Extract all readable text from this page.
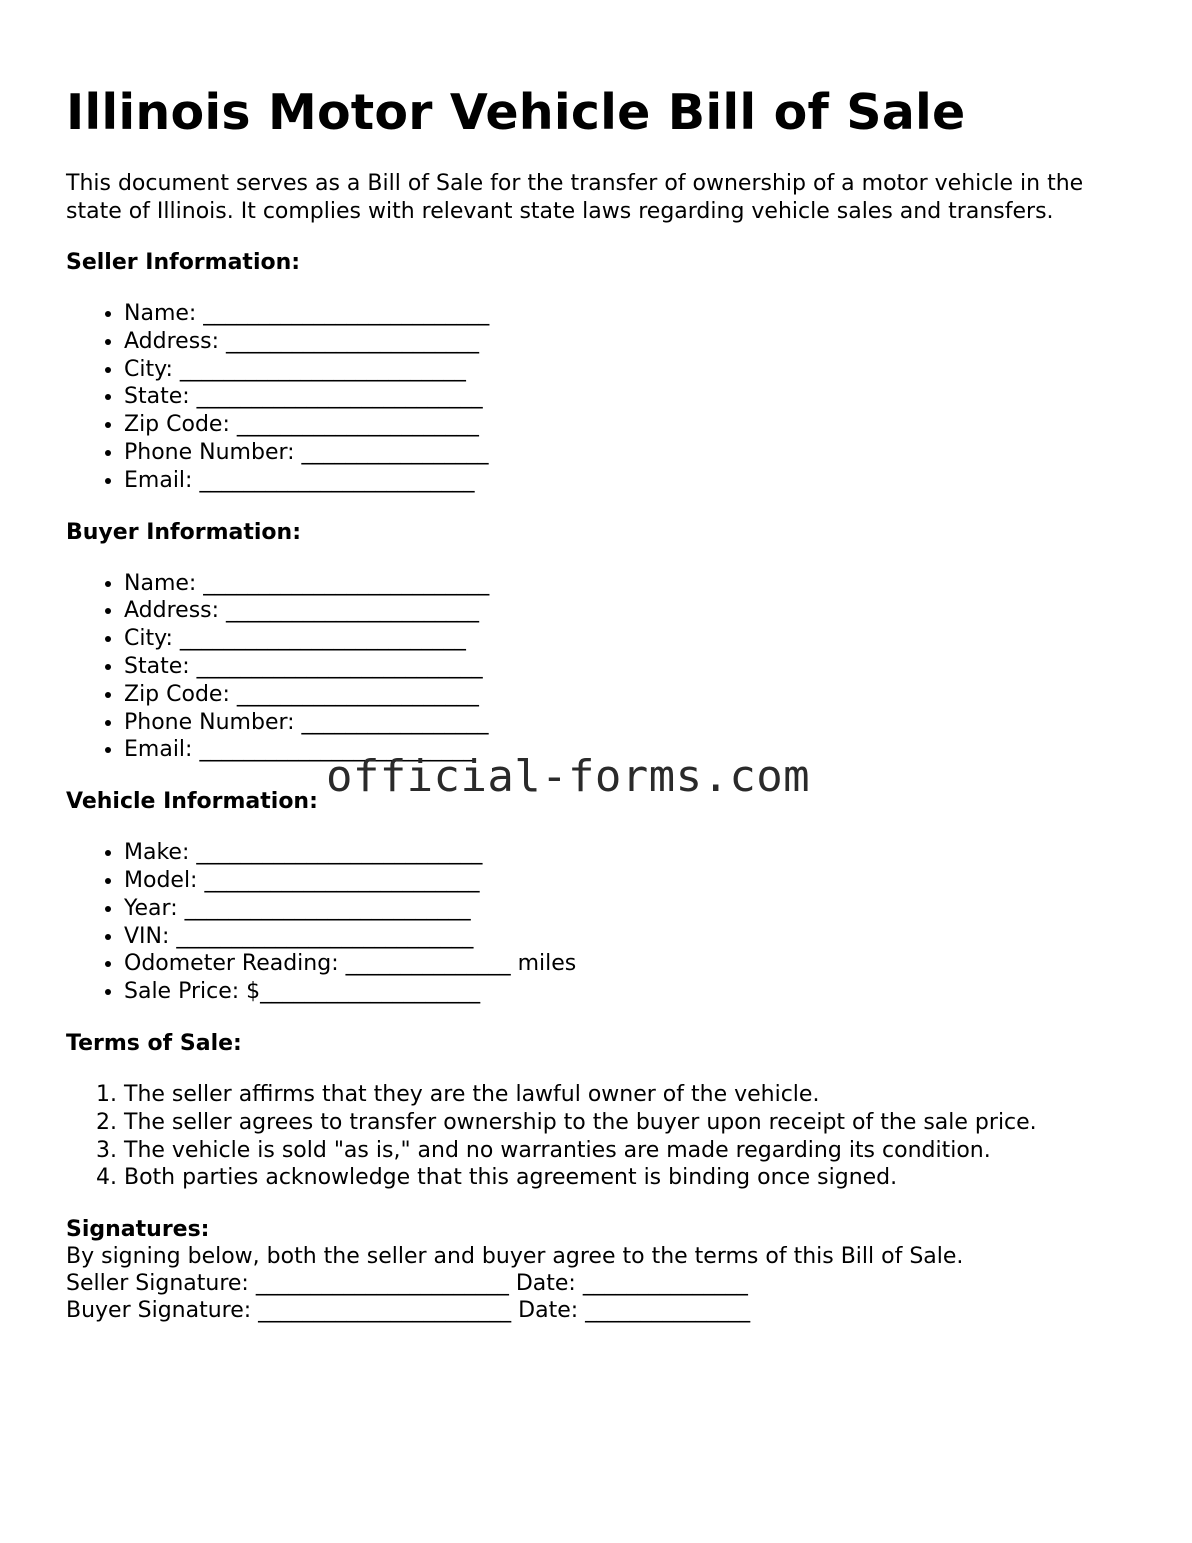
Illinois Motor Vehicle Bill of Sale

This document serves as a Bill of Sale for the transfer of ownership of a motor vehicle in the state of Illinois. It complies with relevant state laws regarding vehicle sales and transfers.

Seller Information:
• Name: __________________________
• Address: _______________________
• City: __________________________
• State: __________________________
• Zip Code: ______________________
• Phone Number: _________________
• Email: _________________________
Buyer Information:
• Name: __________________________
• Address: _______________________
• City: __________________________
• State: __________________________
• Zip Code: ______________________
• Phone Number: _________________
• Email: _________________________
Vehicle Information:
• Make: __________________________
• Model: _________________________
• Year: __________________________
• VIN: ___________________________
• Odometer Reading: _______________ miles
• Sale Price: $____________________
Terms of Sale:
1. The seller affirms that they are the lawful owner of the vehicle.
2. The seller agrees to transfer ownership to the buyer upon receipt of the sale price.
3. The vehicle is sold "as is," and no warranties are made regarding its condition.
4. Both parties acknowledge that this agreement is binding once signed.
Signatures:

By signing below, both the seller and buyer agree to the terms of this Bill of Sale.

Seller Signature: _______________________ Date: _______________

Buyer Signature: _______________________ Date: _______________

official-forms.com
